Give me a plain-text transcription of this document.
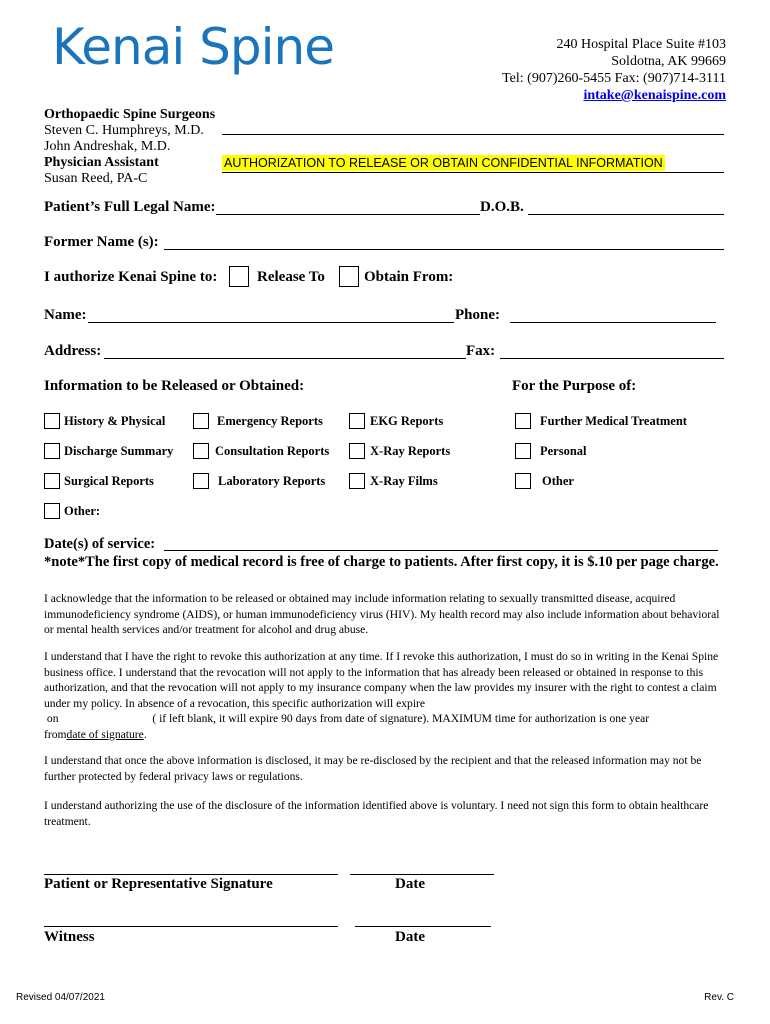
Kenai Spine	240 Hospital Place Suite #103
Soldotna, AK 99669
Tel: (907)260-5455 Fax: (907)714-3111
intake@kenaispine.com
Orthopaedic Spine Surgeons
Steven C. Humphreys, M.D.
John Andreshak, M.D.
Physician Assistant
Susan Reed, PA-C
AUTHORIZATION TO RELEASE OR OBTAIN CONFIDENTIAL INFORMATION
Patient’s Full Legal Name:	D.O.B.
Former Name (s):
I authorize Kenai Spine to:	Release To	Obtain From:
Name:	Phone:
Address:	Fax:
Information to be Released or Obtained:	For the Purpose of:
History & Physical	Emergency Reports	EKG Reports	Further Medical Treatment
Discharge Summary	Consultation Reports	X-Ray Reports	Personal
Surgical Reports	Laboratory Reports	X-Ray Films	Other
Other:
Date(s) of service:
*note*The first copy of medical record is free of charge to patients. After first copy, it is $.10 per page charge.
I acknowledge that the information to be released or obtained may include information relating to sexually transmitted disease, acquired immunodeficiency syndrome (AIDS), or human immunodeficiency virus (HIV). My health record may also include information about behavioral or mental health services and/or treatment for alcohol and drug abuse.
I understand that I have the right to revoke this authorization at any time. If I revoke this authorization, I must do so in writing in the Kenai Spine business office. I understand that the revocation will not apply to the information that has already been released or obtained in response to this authorization, and that the revocation will not apply to my insurance company when the law provides my insurer with the right to contest a claim under my policy. In absence of a revocation, this specific authorization will expire
on	( if left blank, it will expire 90 days from date of signature). MAXIMUM time for authorization is one year
fromdate of signature.
I understand that once the above information is disclosed, it may be re-disclosed by the recipient and that the released information may not be further protected by federal privacy laws or regulations.
I understand authorizing the use of the disclosure of the information identified above is voluntary. I need not sign this form to obtain healthcare treatment.
Patient or Representative Signature	Date
Witness	Date
Revised 04/07/2021	Rev. C
